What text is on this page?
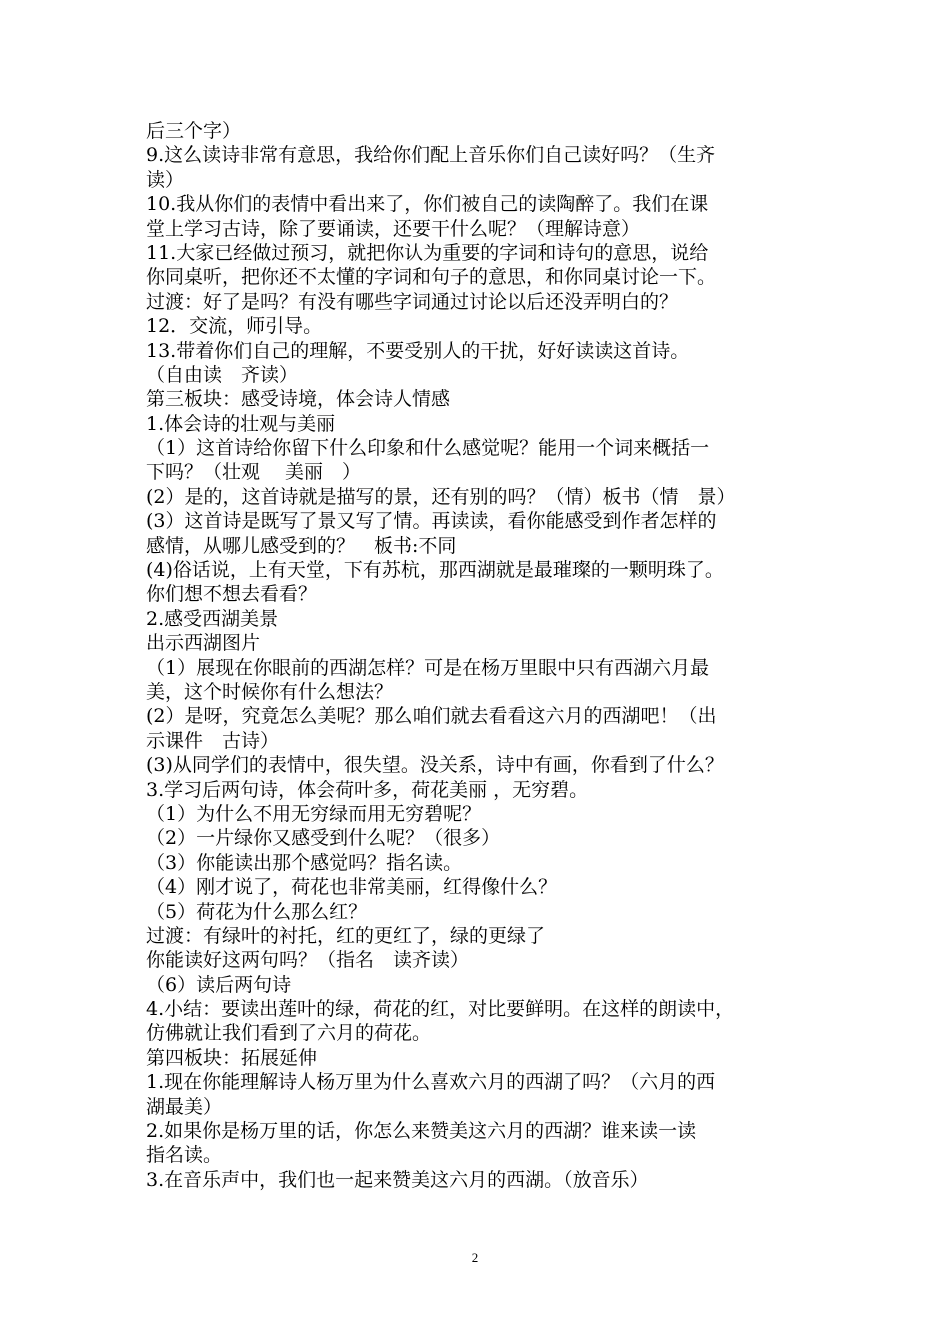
后三个字）
9.这么读诗非常有意思，我给你们配上音乐你们自己读好吗？（生齐
读）
10.我从你们的表情中看出来了，你们被自己的读陶醉了。我们在课
堂上学习古诗，除了要诵读，还要干什么呢？（理解诗意）
11.大家已经做过预习，就把你认为重要的字词和诗句的意思，说给
你同桌听，把你还不太懂的字词和句子的意思，和你同桌讨论一下。
过渡：好了是吗？有没有哪些字词通过讨论以后还没弄明白的？
12．交流，师引导。
13.带着你们自己的理解，不要受别人的干扰，好好读读这首诗。
（自由读　齐读）
第三板块：感受诗境，体会诗人情感
1.体会诗的壮观与美丽
（1）这首诗给你留下什么印象和什么感觉呢？能用一个词来概括一
下吗？（壮观　 美丽　）
(2）是的，这首诗就是描写的景，还有别的吗？（情）板书（情　景）
(3）这首诗是既写了景又写了情。再读读，看你能感受到作者怎样的
感情，从哪儿感受到的？　板书:不同
(4)俗话说，上有天堂，下有苏杭，那西湖就是最璀璨的一颗明珠了。
你们想不想去看看？
2.感受西湖美景
出示西湖图片
（1）展现在你眼前的西湖怎样？可是在杨万里眼中只有西湖六月最
美，这个时候你有什么想法？
(2）是呀，究竟怎么美呢？那么咱们就去看看这六月的西湖吧！（出
示课件　古诗）
(3)从同学们的表情中，很失望。没关系，诗中有画，你看到了什么？
3.学习后两句诗，体会荷叶多，荷花美丽 ，无穷碧。
（1）为什么不用无穷绿而用无穷碧呢？
（2）一片绿你又感受到什么呢？（很多）
（3）你能读出那个感觉吗？指名读。
（4）刚才说了，荷花也非常美丽，红得像什么？
（5）荷花为什么那么红？
过渡：有绿叶的衬托，红的更红了，绿的更绿了
你能读好这两句吗？（指名　读齐读）
（6）读后两句诗
4.小结：要读出莲叶的绿，荷花的红，对比要鲜明。在这样的朗读中，
仿佛就让我们看到了六月的荷花。
第四板块：拓展延伸
1.现在你能理解诗人杨万里为什么喜欢六月的西湖了吗？（六月的西
湖最美）
2.如果你是杨万里的话，你怎么来赞美这六月的西湖？谁来读一读
指名读。
3.在音乐声中，我们也一起来赞美这六月的西湖。（放音乐）
2
